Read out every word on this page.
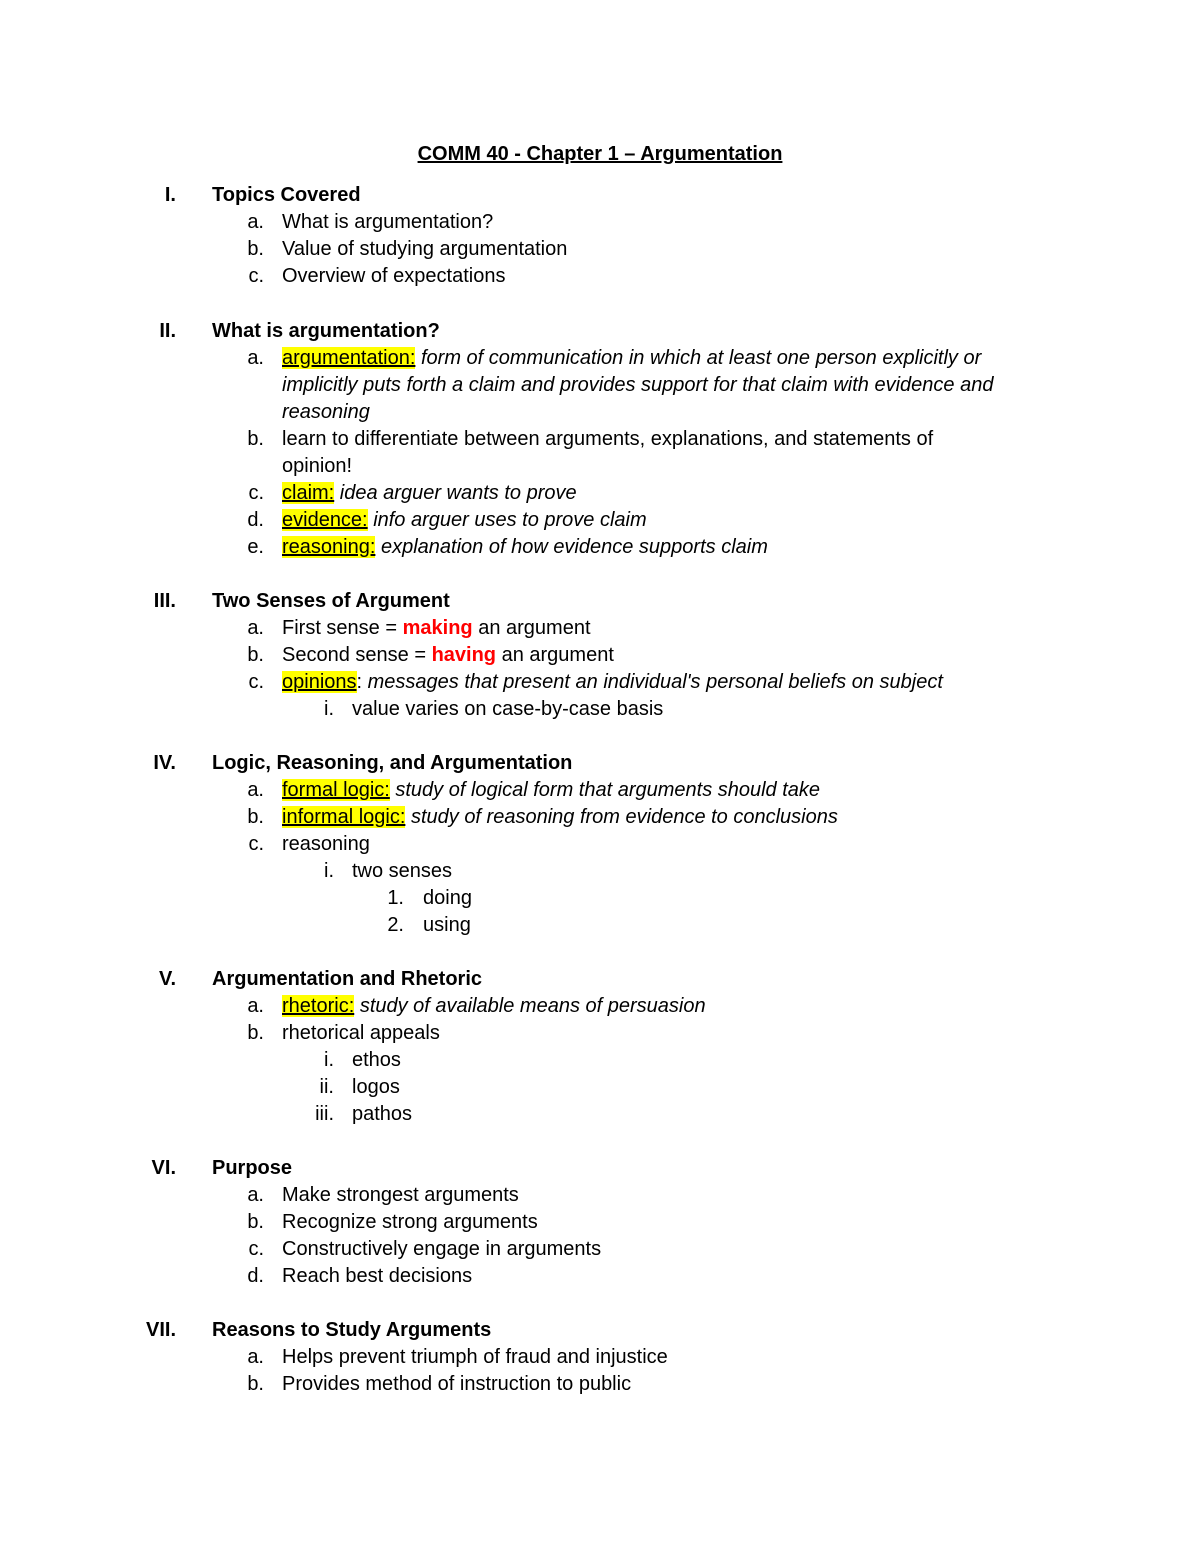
COMM 40 - Chapter 1 – Argumentation
I. Topics Covered
a. What is argumentation?
b. Value of studying argumentation
c. Overview of expectations
II. What is argumentation?
a. argumentation: form of communication in which at least one person explicitly or
implicitly puts forth a claim and provides support for that claim with evidence and
reasoning
b. learn to differentiate between arguments, explanations, and statements of
opinion!
c. claim: idea arguer wants to prove
d. evidence: info arguer uses to prove claim
e. reasoning: explanation of how evidence supports claim
III. Two Senses of Argument
a. First sense = making an argument
b. Second sense = having an argument
c. opinions: messages that present an individual's personal beliefs on subject
i. value varies on case-by-case basis
IV. Logic, Reasoning, and Argumentation
a. formal logic: study of logical form that arguments should take
b. informal logic: study of reasoning from evidence to conclusions
c. reasoning
i. two senses
1. doing
2. using
V. Argumentation and Rhetoric
a. rhetoric: study of available means of persuasion
b. rhetorical appeals
i. ethos
ii. logos
iii. pathos
VI. Purpose
a. Make strongest arguments
b. Recognize strong arguments
c. Constructively engage in arguments
d. Reach best decisions
VII. Reasons to Study Arguments
a. Helps prevent triumph of fraud and injustice
b. Provides method of instruction to public
